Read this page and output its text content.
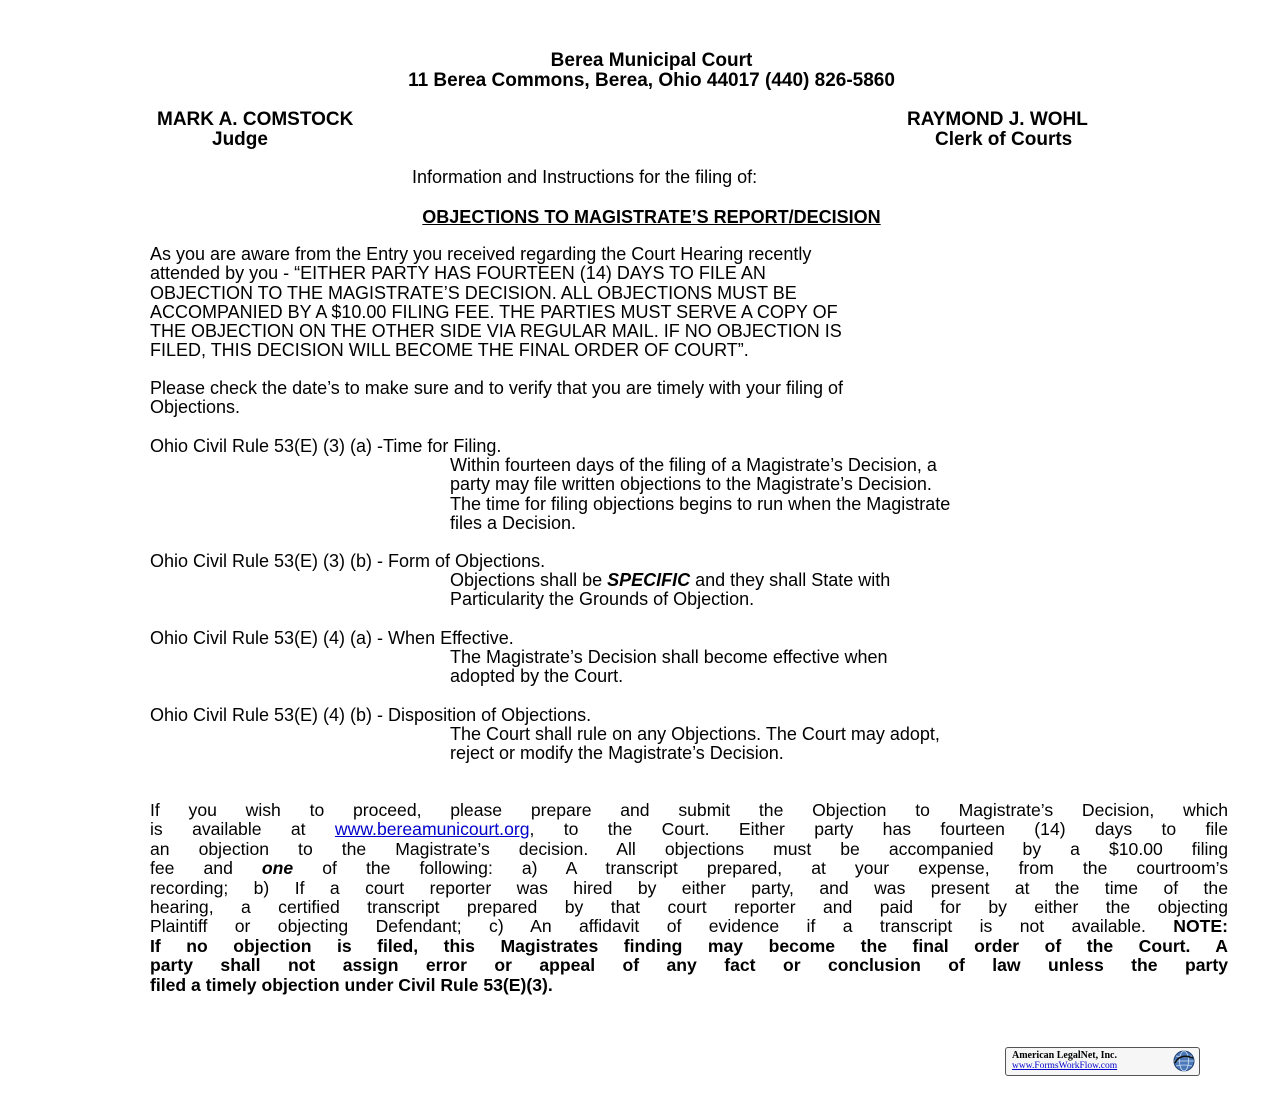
Berea Municipal Court
11 Berea Commons, Berea, Ohio 44017 (440) 826-5860
MARK A. COMSTOCK
Judge
RAYMOND J. WOHL
Clerk of Courts
Information and Instructions for the filing of:
OBJECTIONS TO MAGISTRATE’S REPORT/DECISION
As you are aware from the Entry you received regarding the Court Hearing recently
attended by you - “EITHER PARTY HAS FOURTEEN (14) DAYS TO FILE AN
OBJECTION TO THE MAGISTRATE’S DECISION. ALL OBJECTIONS MUST BE
ACCOMPANIED BY A $10.00 FILING FEE. THE PARTIES MUST SERVE A COPY OF
THE OBJECTION ON THE OTHER SIDE VIA REGULAR MAIL. IF NO OBJECTION IS
FILED, THIS DECISION WILL BECOME THE FINAL ORDER OF COURT”.
Please check the date’s to make sure and to verify that you are timely with your filing of
Objections.
Ohio Civil Rule 53(E) (3) (a) -Time for Filing.
Within fourteen days of the filing of a Magistrate’s Decision, a
party may file written objections to the Magistrate’s Decision.
The time for filing objections begins to run when the Magistrate
files a Decision.
Ohio Civil Rule 53(E) (3) (b) - Form of Objections.
Objections shall be SPECIFIC and they shall State with
Particularity the Grounds of Objection.
Ohio Civil Rule 53(E) (4) (a) - When Effective.
The Magistrate’s Decision shall become effective when
adopted by the Court.
Ohio Civil Rule 53(E) (4) (b) - Disposition of Objections.
The Court shall rule on any Objections. The Court may adopt,
reject or modify the Magistrate’s Decision.
If you wish to proceed, please prepare and submit the Objection to Magistrate’s Decision, which
is available at www.bereamunicourt.org, to the Court. Either party has fourteen (14) days to file
an objection to the Magistrate’s decision. All objections must be accompanied by a $10.00 filing
fee and one of the following: a) A transcript prepared, at your expense, from the courtroom’s
recording; b) If a court reporter was hired by either party, and was present at the time of the
hearing, a certified transcript prepared by that court reporter and paid for by either the objecting
Plaintiff or objecting Defendant; c) An affidavit of evidence if a transcript is not available. NOTE:
If no objection is filed, this Magistrates finding may become the final order of the Court. A
party shall not assign error or appeal of any fact or conclusion of law unless the party
filed a timely objection under Civil Rule 53(E)(3).
American LegalNet, Inc.
www.FormsWorkFlow.com
